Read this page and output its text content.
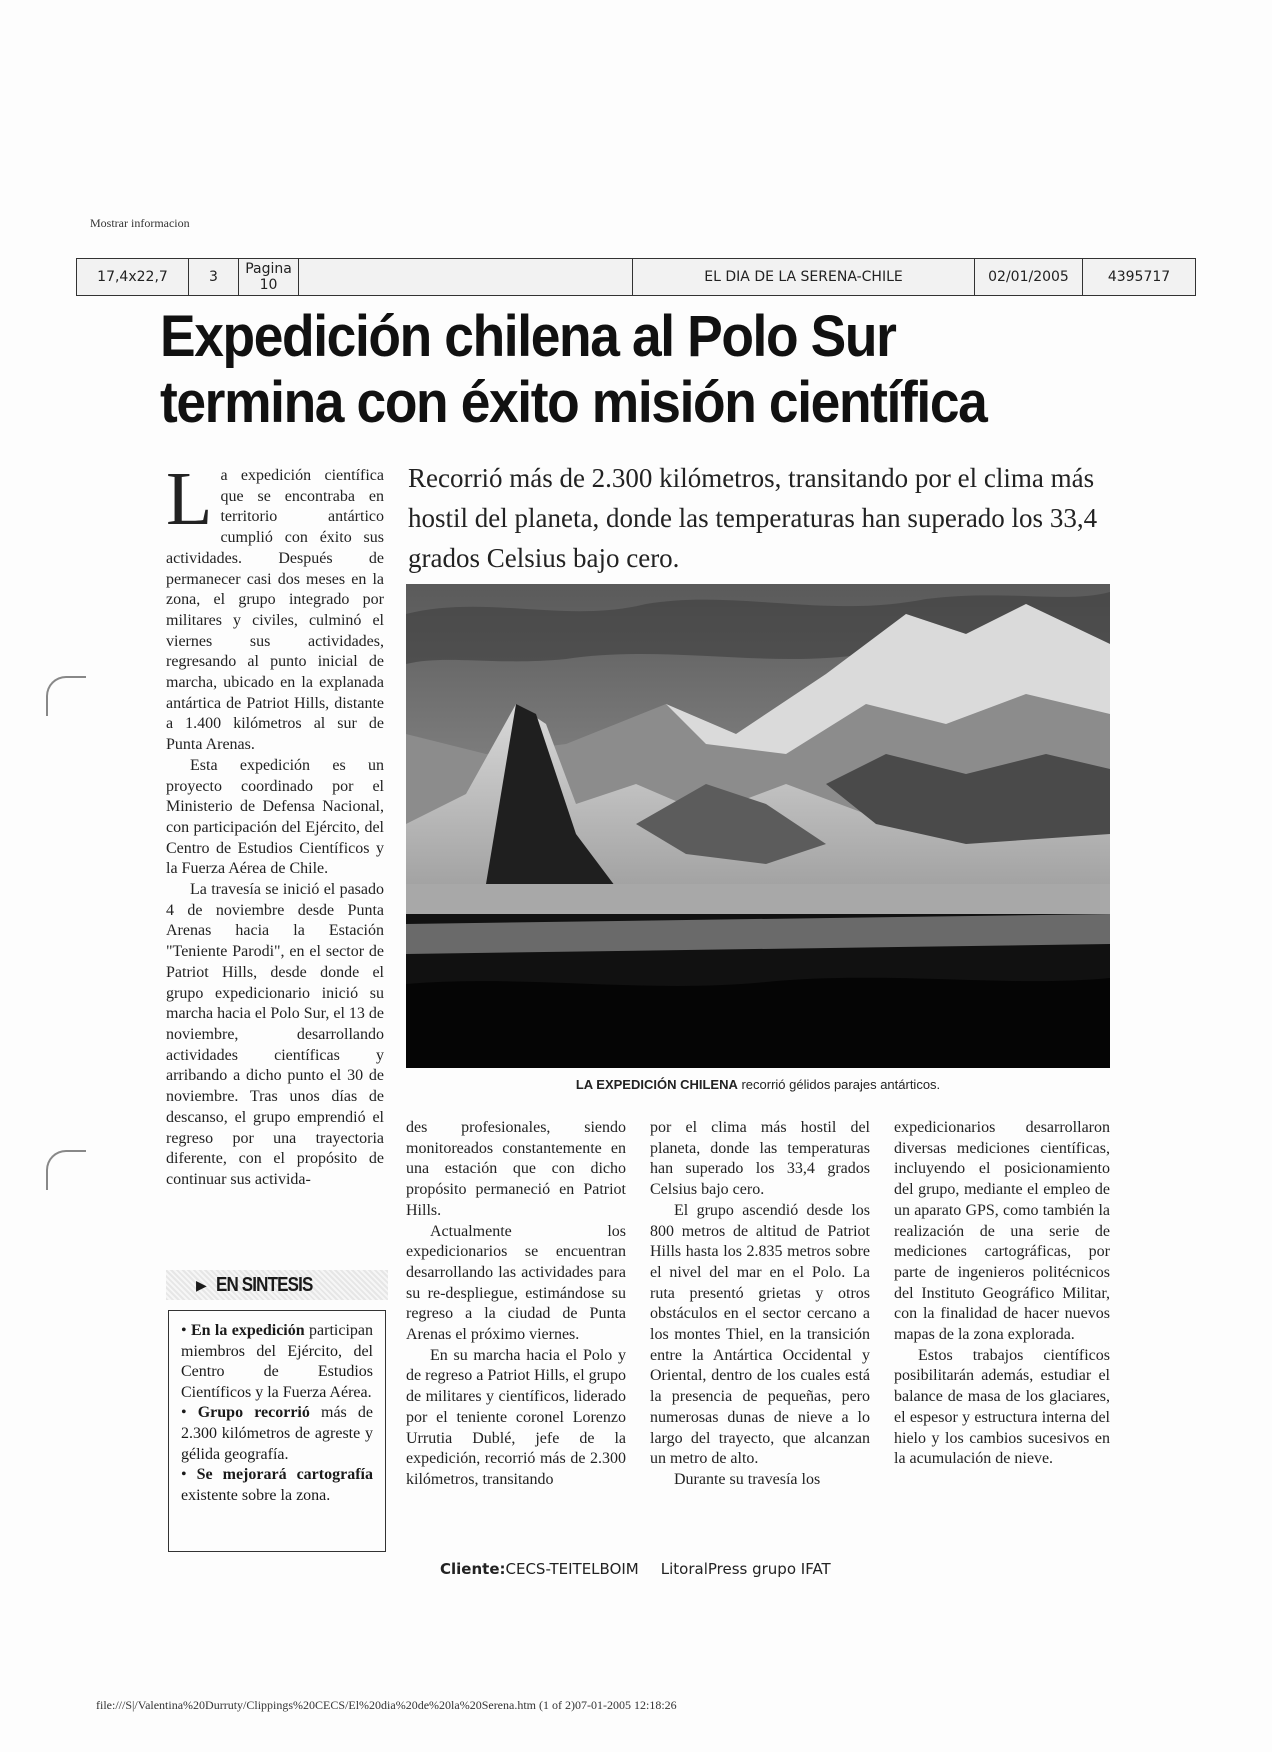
Mostrar informacion
17,4x22,7	3	Pagina
10	EL DIA DE LA SERENA-CHILE	02/01/2005	4395717
Expedición chilena al Polo Sur
termina con éxito misión científica
Recorrió más de 2.300 kilómetros, transitando por el clima más hostil del planeta, donde las temperaturas han superado los 33,4 grados Celsius bajo cero.
LA EXPEDICIÓN CHILENA recorrió gélidos parajes antárticos.

La expedición científica que se encontraba en territorio antártico cumplió con éxito sus actividades. Después de permanecer casi dos meses en la zona, el grupo integrado por militares y civiles, culminó el viernes sus actividades, regresando al punto inicial de marcha, ubicado en la explanada antártica de Patriot Hills, distante a 1.400 kilómetros al sur de Punta Arenas.

Esta expedición es un proyecto coordinado por el Ministerio de Defensa Nacional, con participación del Ejército, del Centro de Estudios Científicos y la Fuerza Aérea de Chile.

La travesía se inició el pasado 4 de noviembre desde Punta Arenas hacia la Estación "Teniente Parodi", en el sector de Patriot Hills, desde donde el grupo expedicionario inició su marcha hacia el Polo Sur, el 13 de noviembre, desarrollando actividades científicas y arribando a dicho punto el 30 de noviembre. Tras unos días de descanso, el grupo emprendió el regreso por una trayectoria diferente, con el propósito de continuar sus activida-

▶ EN SINTESIS
• En la expedición participan miembros del Ejército, del Centro de Estudios Científicos y la Fuerza Aérea.
• Grupo recorrió más de 2.300 kilómetros de agreste y gélida geografía.
• Se mejorará cartografía existente sobre la zona.

des profesionales, siendo monitoreados constantemente en una estación que con dicho propósito permaneció en Patriot Hills.

Actualmente los expedicionarios se encuentran desarrollando las actividades para su re-despliegue, estimándose su regreso a la ciudad de Punta Arenas el próximo viernes.

En su marcha hacia el Polo y de regreso a Patriot Hills, el grupo de militares y científicos, liderado por el teniente coronel Lorenzo Urrutia Dublé, jefe de la expedición, recorrió más de 2.300 kilómetros, transitando

por el clima más hostil del planeta, donde las temperaturas han superado los 33,4 grados Celsius bajo cero.

El grupo ascendió desde los 800 metros de altitud de Patriot Hills hasta los 2.835 metros sobre el nivel del mar en el Polo. La ruta presentó grietas y otros obstáculos en el sector cercano a los montes Thiel, en la transición entre la Antártica Occidental y Oriental, dentro de los cuales está la presencia de pequeñas, pero numerosas dunas de nieve a lo largo del trayecto, que alcanzan un metro de alto.

Durante su travesía los

expedicionarios desarrollaron diversas mediciones científicas, incluyendo el posicionamiento del grupo, mediante el empleo de un aparato GPS, como también la realización de una serie de mediciones cartográficas, por parte de ingenieros politécnicos del Instituto Geográfico Militar, con la finalidad de hacer nuevos mapas de la zona explorada.

Estos trabajos científicos posibilitarán además, estudiar el balance de masa de los glaciares, el espesor y estructura interna del hielo y los cambios sucesivos en la acumulación de nieve.

Cliente:CECS-TEITELBOIM LitoralPress grupo IFAT
file:///S|/Valentina%20Durruty/Clippings%20CECS/El%20dia%20de%20la%20Serena.htm (1 of 2)07-01-2005 12:18:26
